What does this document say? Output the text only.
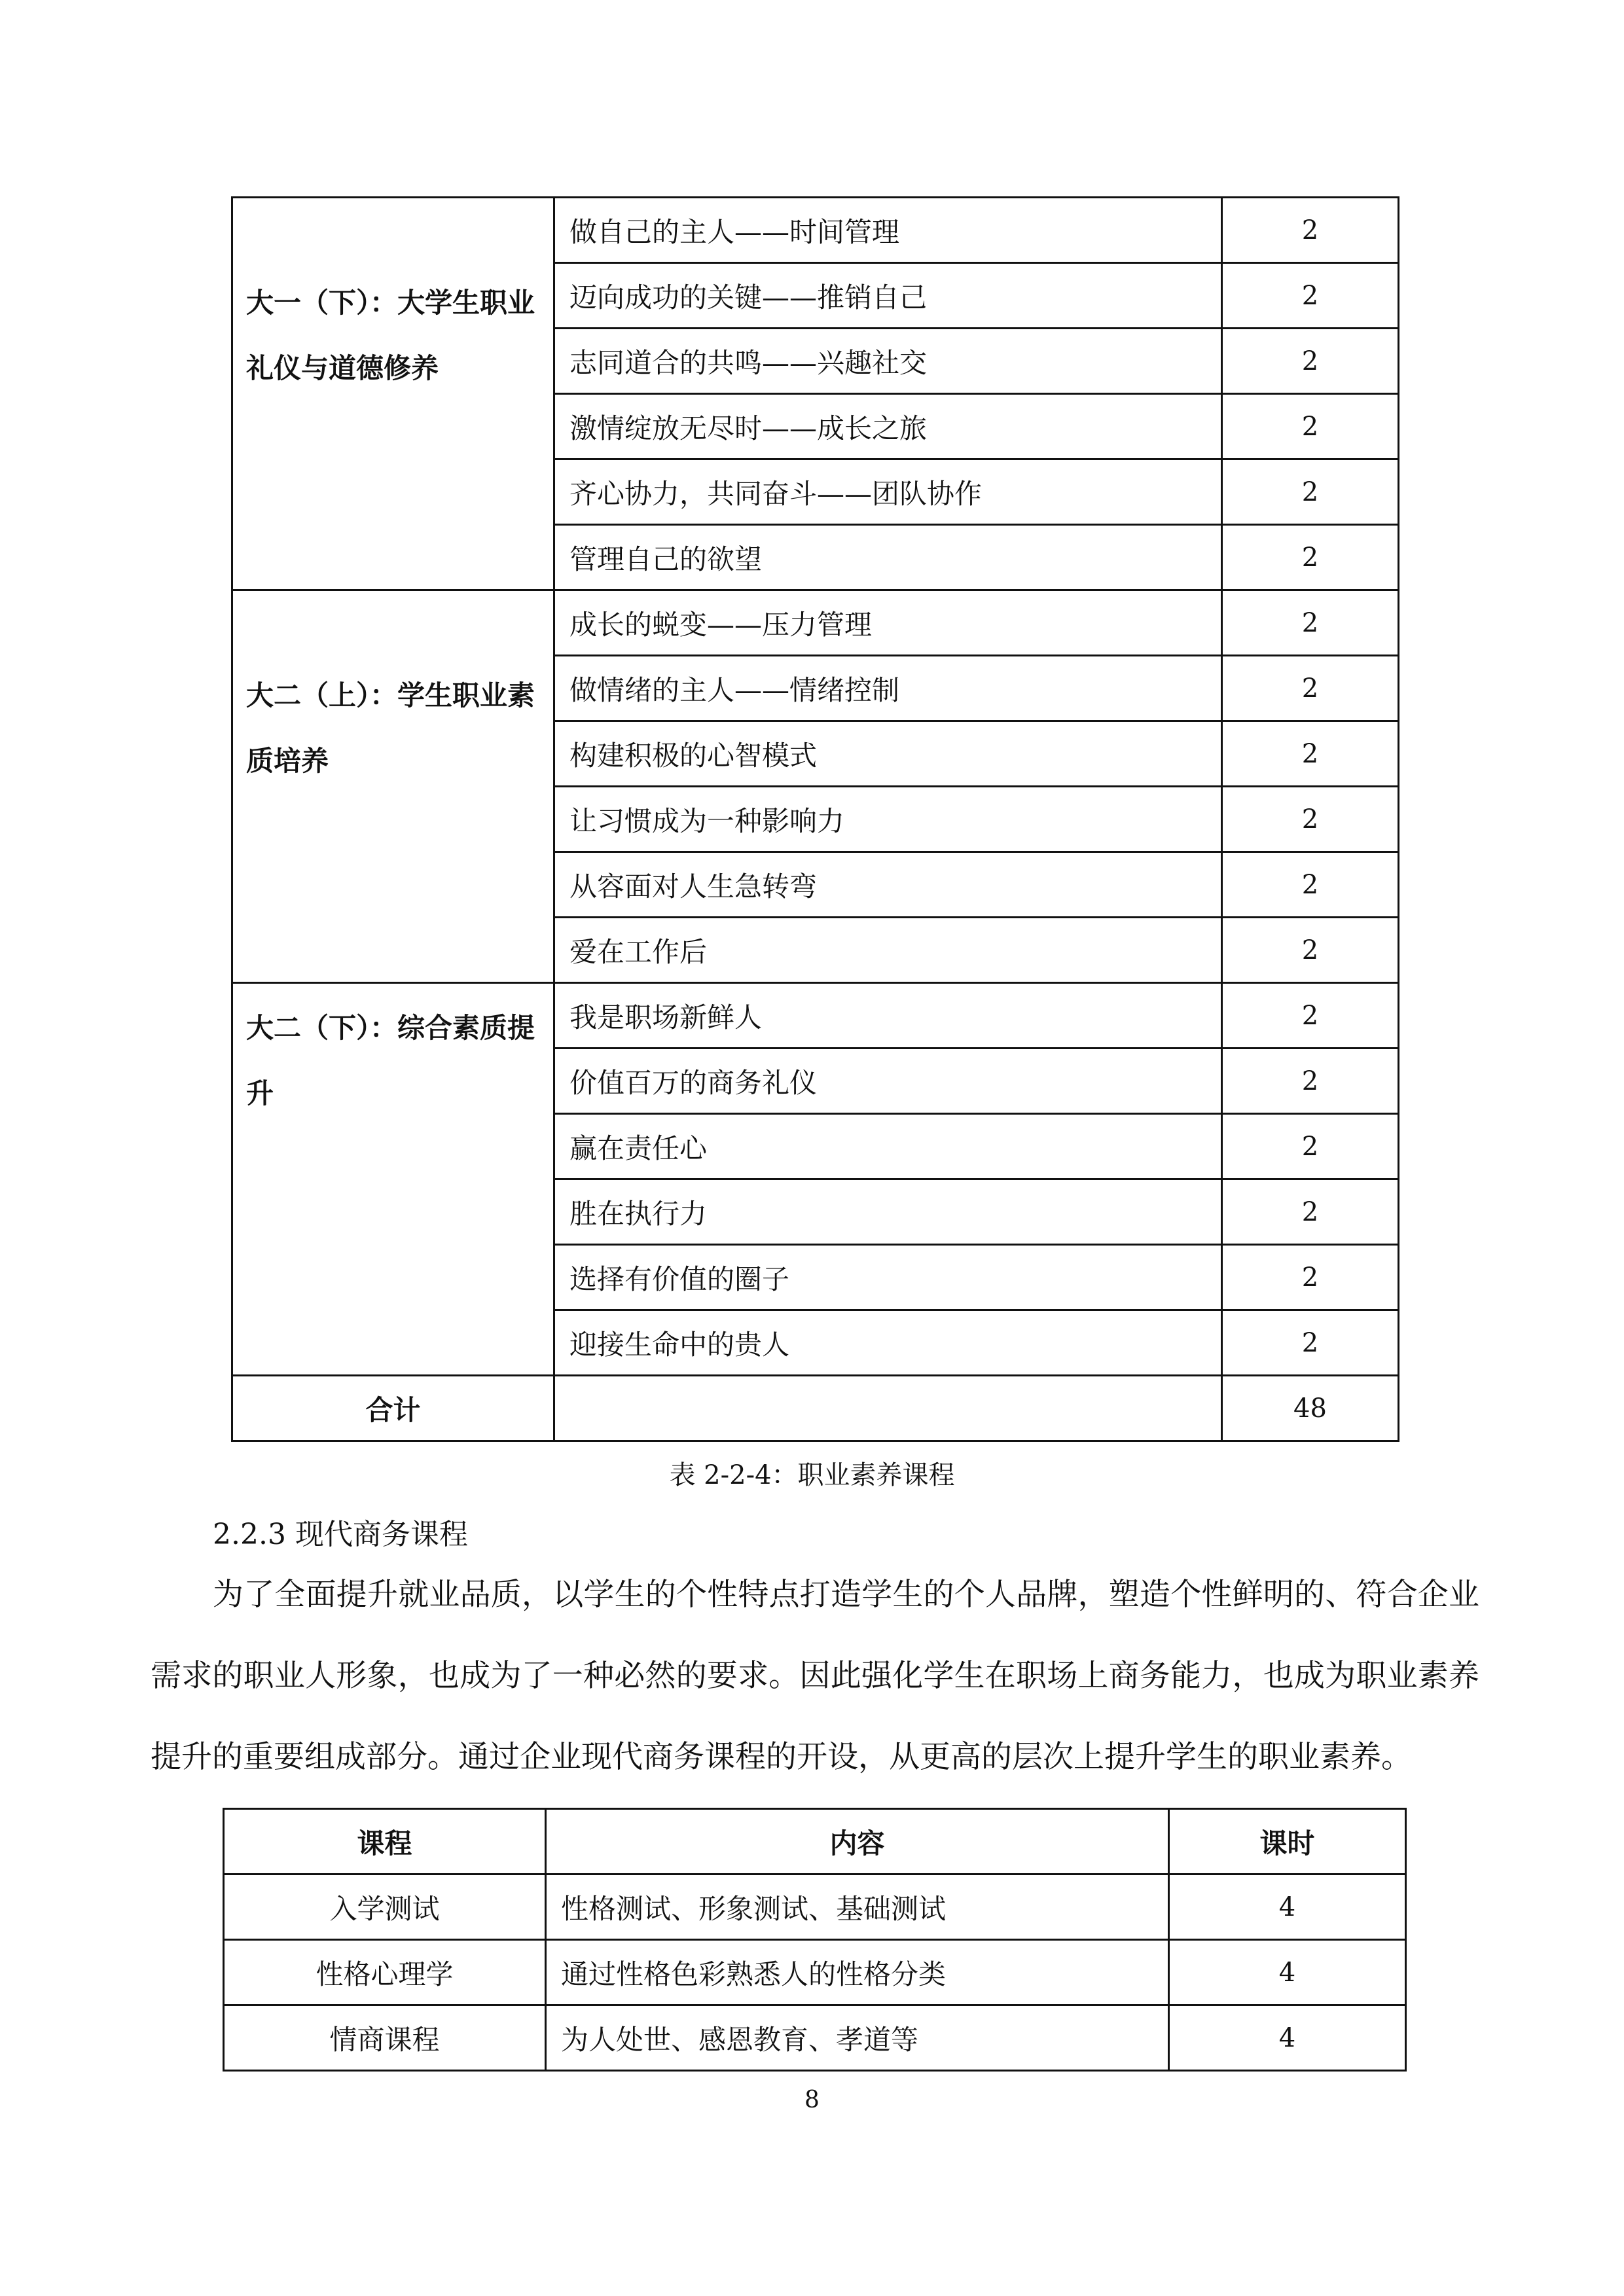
大一（下）：大学生职业礼仪与道德修养	做自己的主人——时间管理	2
	迈向成功的关键——推销自己	2
	志同道合的共鸣——兴趣社交	2
	激情绽放无尽时——成长之旅	2
	齐心协力，共同奋斗——团队协作	2
	管理自己的欲望	2
大二（上）：学生职业素质培养	成长的蜕变——压力管理	2
	做情绪的主人——情绪控制	2
	构建积极的心智模式	2
	让习惯成为一种影响力	2
	从容面对人生急转弯	2
	爱在工作后	2
大二（下）：综合素质提升	我是职场新鲜人	2
	价值百万的商务礼仪	2
	赢在责任心	2
	胜在执行力	2
	选择有价值的圈子	2
	迎接生命中的贵人	2
合计		48
表 2-2-4：职业素养课程
2.2.3 现代商务课程

为了全面提升就业品质，以学生的个性特点打造学生的个人品牌，塑造个性鲜明的、符合企业需求的职业人形象，也成为了一种必然的要求。因此强化学生在职场上商务能力，也成为职业素养提升的重要组成部分。通过企业现代商务课程的开设，从更高的层次上提升学生的职业素养。

课程	内容	课时
入学测试	性格测试、形象测试、基础测试	4
性格心理学	通过性格色彩熟悉人的性格分类	4
情商课程	为人处世、感恩教育、孝道等	4
8
